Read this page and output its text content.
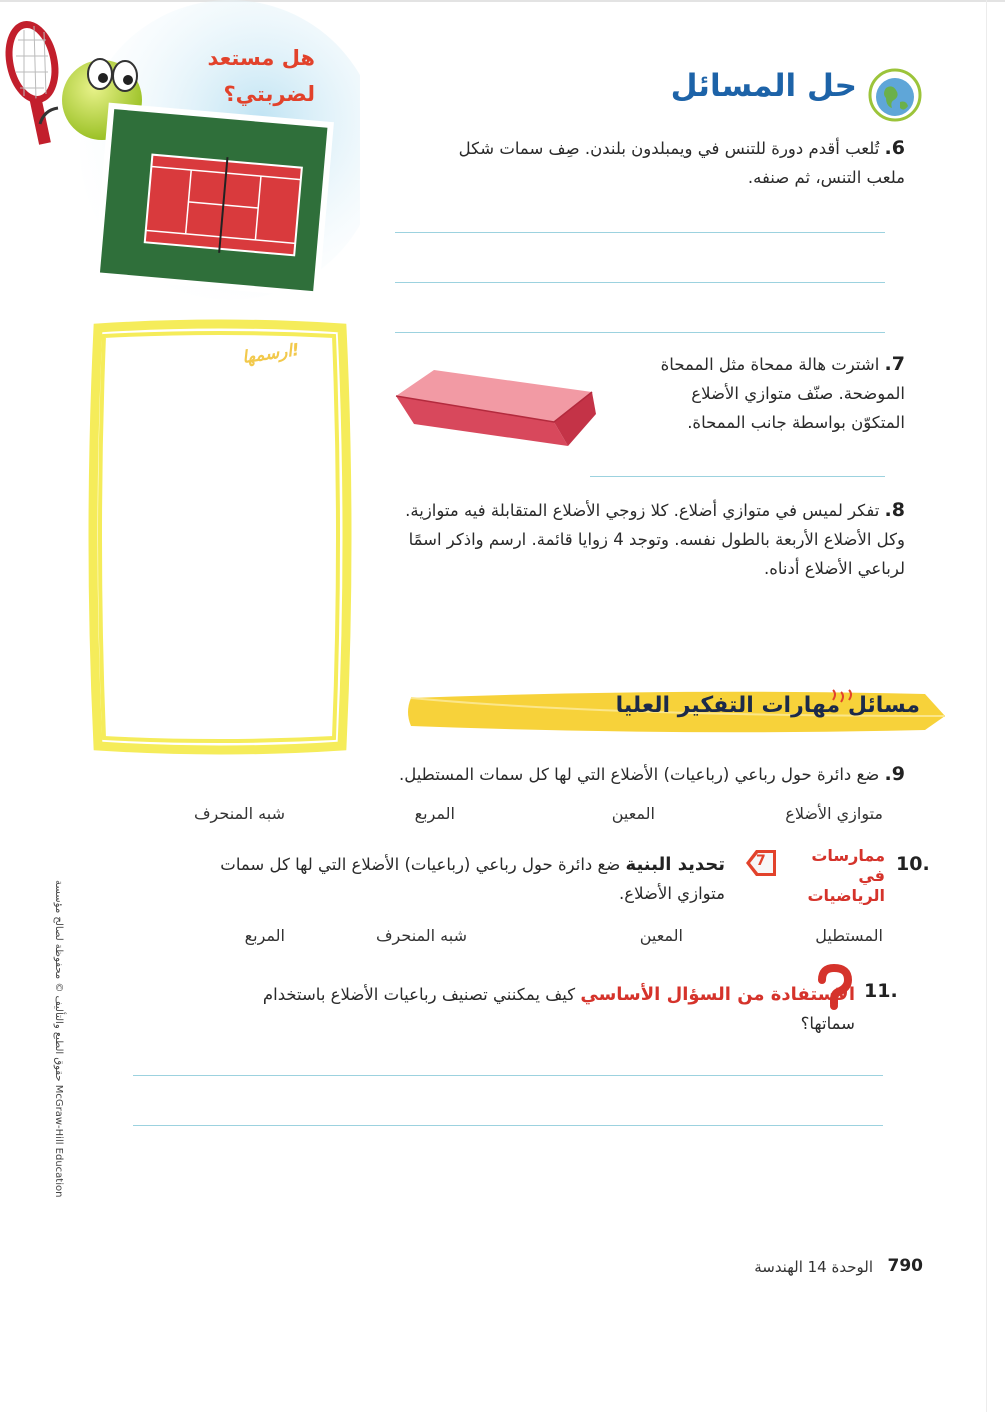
هل مستعد لضربتي؟	حل المسائل
6. تُلعب أقدم دورة للتنس في ويمبلدون بلندن. صِف سمات شكل ملعب التنس، ثم صنفه.
ارسمها!
7. اشترت هالة ممحاة مثل الممحاة الموضحة. صنّف متوازي الأضلاع المتكوّن بواسطة جانب الممحاة.
8. تفكر لميس في متوازي أضلاع. كلا زوجي الأضلاع المتقابلة فيه متوازية. وكل الأضلاع الأربعة بالطول نفسه. وتوجد 4 زوايا قائمة. ارسم واذكر اسمًا لرباعي الأضلاع أدناه.
مسائل مهارات التفكير العليا
9. ضع دائرة حول رباعي (رباعيات) الأضلاع التي لها كل سمات المستطيل.
متوازي الأضلاع
المعين
المربع
شبه المنحرف
10.
ممارسات في الرياضيات
7
تحديد البنية ضع دائرة حول رباعي (رباعيات) الأضلاع التي لها كل سمات متوازي الأضلاع.
المستطيل
المعين
شبه المنحرف
المربع
11.
الاستفادة من السؤال الأساسي كيف يمكنني تصنيف رباعيات الأضلاع باستخدام سماتها؟
حقوق الطبع والتأليف © محفوظة لصالح مؤسسة McGraw-Hill Education
790
الوحدة 14 الهندسة
